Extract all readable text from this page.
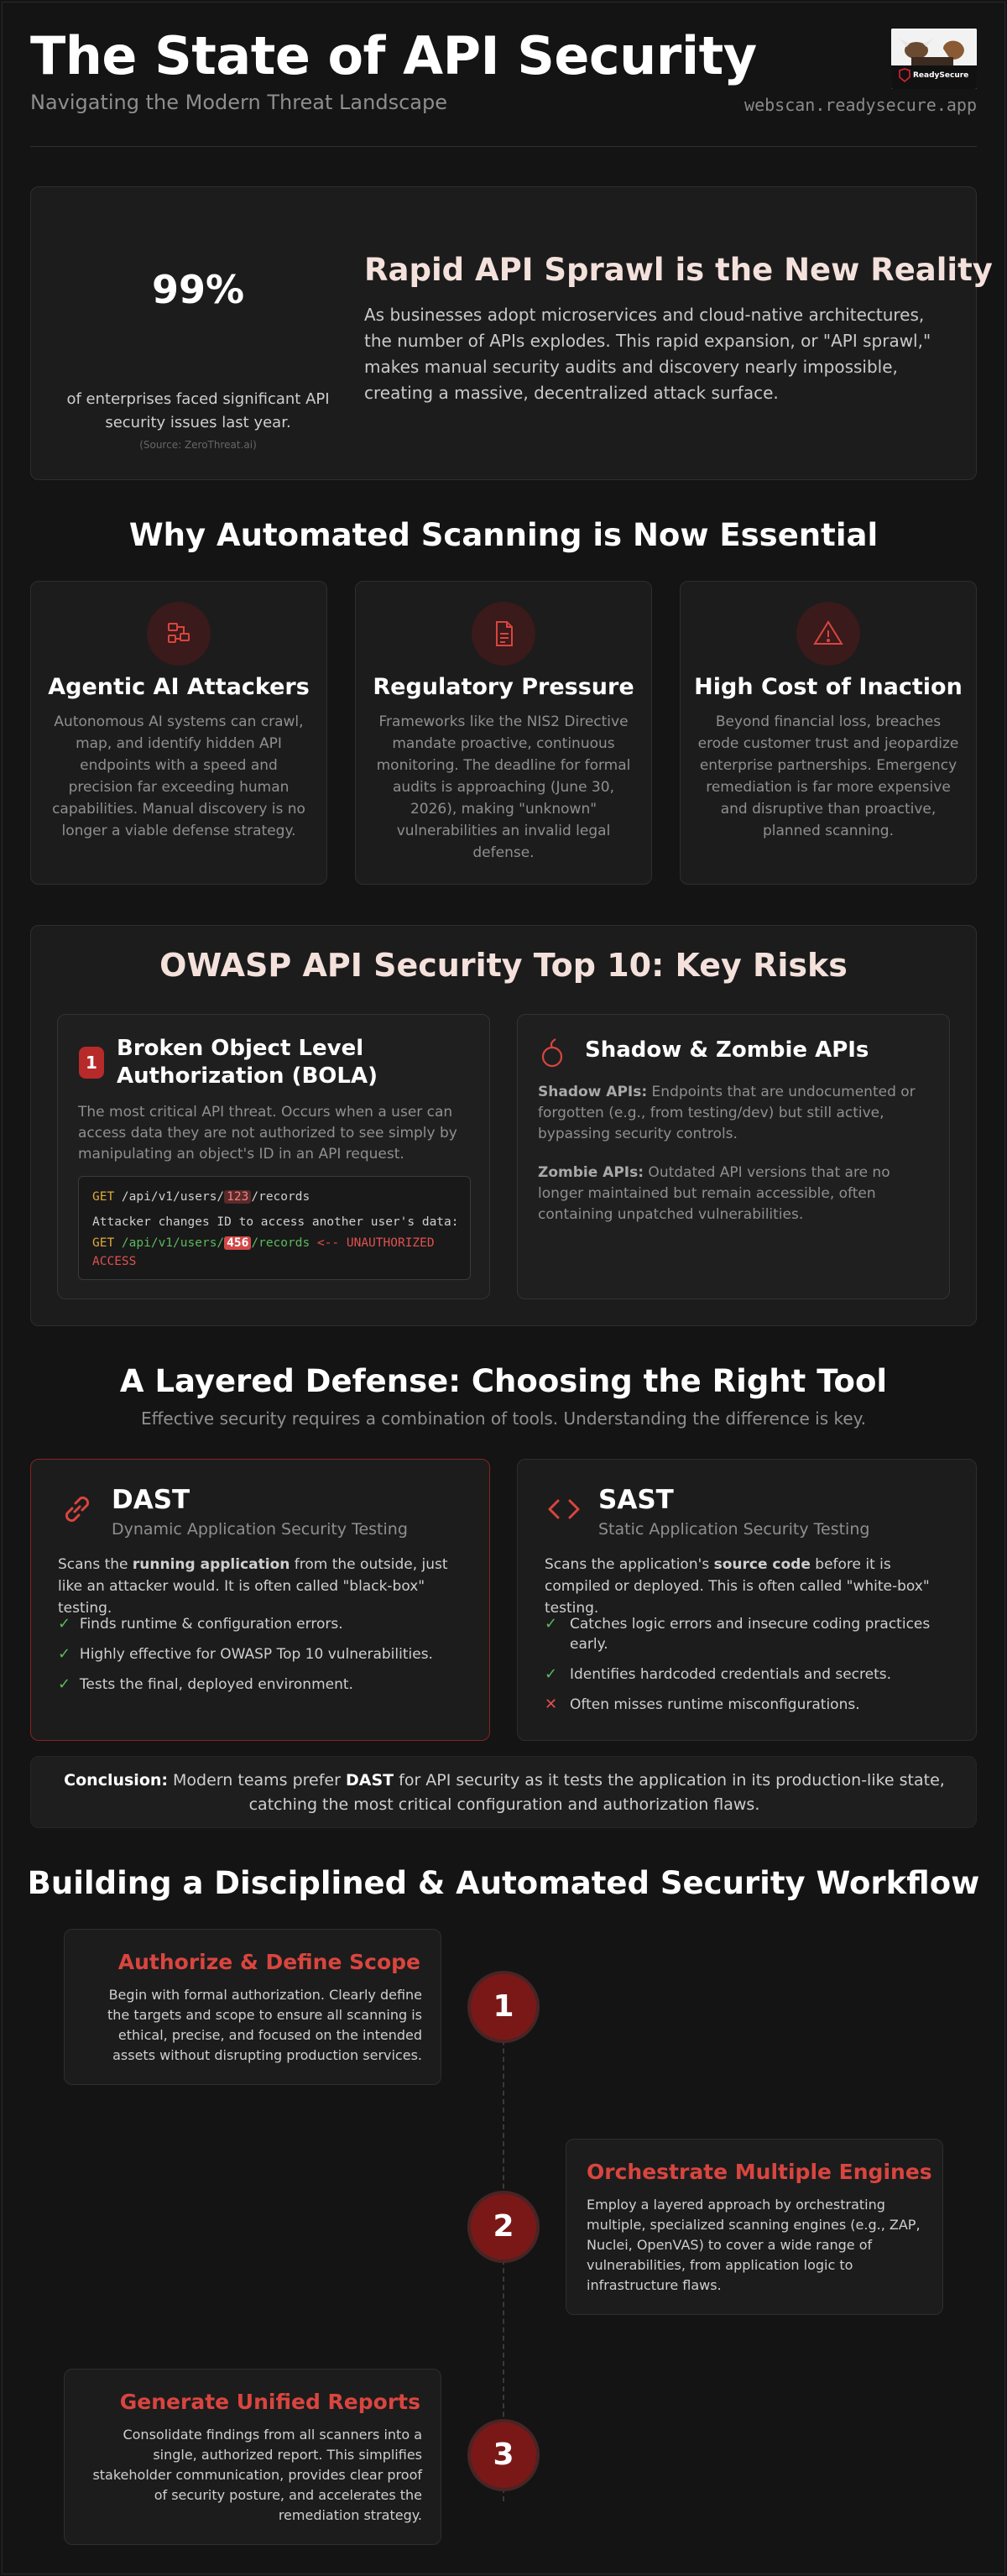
The State of API Security
Navigating the Modern Threat Landscape
ReadySecure
webscan.readysecure.app
99%
of enterprises faced significant API security issues last year.
(Source: ZeroThreat.ai)
Rapid API Sprawl is the New Reality
As businesses adopt microservices and cloud-native architectures, the number of APIs explodes. This rapid expansion, or "API sprawl," makes manual security audits and discovery nearly impossible, creating a massive, decentralized attack surface.
Why Automated Scanning is Now Essential
Agentic AI Attackers
Autonomous AI systems can crawl, map, and identify hidden API endpoints with a speed and precision far exceeding human capabilities. Manual discovery is no longer a viable defense strategy.
Regulatory Pressure
Frameworks like the NIS2 Directive mandate proactive, continuous monitoring. The deadline for formal audits is approaching (June 30, 2026), making "unknown" vulnerabilities an invalid legal defense.
High Cost of Inaction
Beyond financial loss, breaches erode customer trust and jeopardize enterprise partnerships. Emergency remediation is far more expensive and disruptive than proactive, planned scanning.
OWASP API Security Top 10: Key Risks
1
Broken Object Level
Authorization (BOLA)
The most critical API threat. Occurs when a user can access data they are not authorized to see simply by manipulating an object's ID in an API request.
GET /api/v1/users/ 123 /records
Attacker changes ID to access another user's data:
GET /api/v1/users/ 456 /records <-- UNAUTHORIZED
ACCESS
Shadow & Zombie APIs
Shadow APIs: Endpoints that are undocumented or forgotten (e.g., from testing/dev) but still active, bypassing security controls.
Zombie APIs: Outdated API versions that are no longer maintained but remain accessible, often containing unpatched vulnerabilities.
A Layered Defense: Choosing the Right Tool
Effective security requires a combination of tools. Understanding the difference is key.
DAST
Dynamic Application Security Testing
Scans the running application from the outside, just like an attacker would. It is often called "black-box" testing.
✓ Finds runtime & configuration errors.
✓ Highly effective for OWASP Top 10 vulnerabilities.
✓ Tests the final, deployed environment.
SAST
Static Application Security Testing
Scans the application's source code before it is compiled or deployed. This is often called "white-box" testing.
✓ Catches logic errors and insecure coding practices early.
✓ Identifies hardcoded credentials and secrets.
✕ Often misses runtime misconfigurations.
Conclusion: Modern teams prefer DAST for API security as it tests the application in its production-like state, catching the most critical configuration and authorization flaws.
Building a Disciplined & Automated Security Workflow
Authorize & Define Scope
Begin with formal authorization. Clearly define the targets and scope to ensure all scanning is ethical, precise, and focused on the intended assets without disrupting production services.
1
Orchestrate Multiple Engines
Employ a layered approach by orchestrating multiple, specialized scanning engines (e.g., ZAP, Nuclei, OpenVAS) to cover a wide range of vulnerabilities, from application logic to infrastructure flaws.
2
Generate Unified Reports
Consolidate findings from all scanners into a single, authorized report. This simplifies stakeholder communication, provides clear proof of security posture, and accelerates the remediation strategy.
3
